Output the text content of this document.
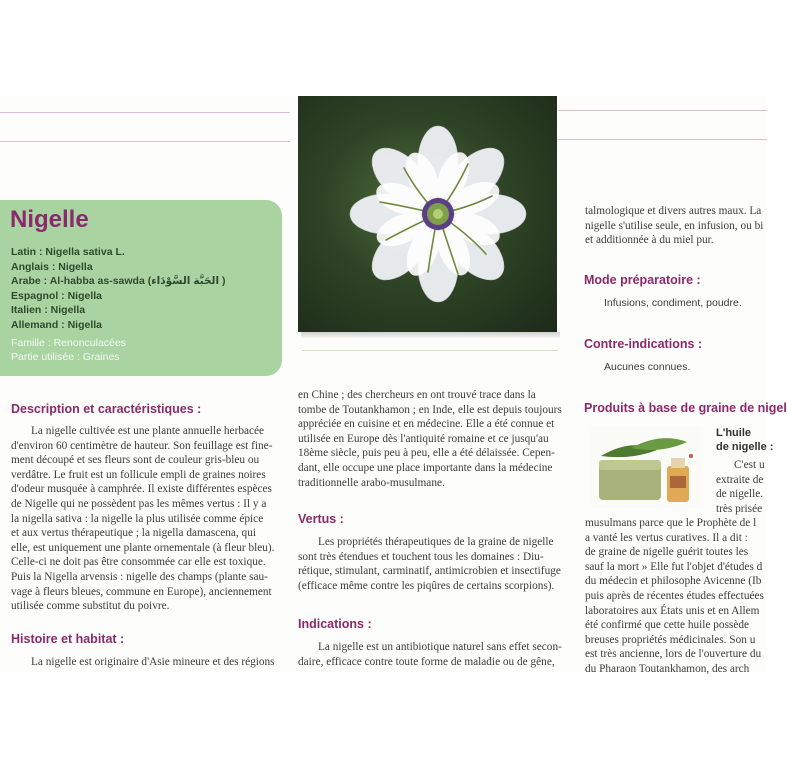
Nigelle
Latin : Nigella sativa L.
Anglais : Nigella
Arabe : Al-habba as-sawda (الحَبَّة السَّوْدَاء )
Espagnol : Nigella
Italien : Nigella
Allemand : Nigella
Famille : Renonculacées
Partie utilisée : Graines
Description et caractéristiques :
La nigelle cultivée est une plante annuelle herbacée
d'environ 60 centimètre de hauteur. Son feuillage est fine-
ment découpé et ses fleurs sont de couleur gris-bleu ou
verdâtre. Le fruit est un follicule empli de graines noires
d'odeur musquée à camphrée. Il existe différentes espèces
de Nigelle qui ne possèdent pas les mêmes vertus : Il y a
la nigella sativa : la nigelle la plus utilisée comme épice
et aux vertus thérapeutique ; la nigella damascena, qui
elle, est uniquement une plante ornementale (à fleur bleu).
Celle-ci ne doit pas être consommée car elle est toxique.
Puis la Nigella arvensis : nigelle des champs (plante sau-
vage à fleurs bleues, commune en Europe), anciennement
utilisée comme substitut du poivre.
Histoire et habitat :
La nigelle est originaire d'Asie mineure et des régions
en Chine ; des chercheurs en ont trouvé trace dans la
tombe de Toutankhamon ; en Inde, elle est depuis toujours
appréciée en cuisine et en médecine. Elle a été connue et
utilisée en Europe dès l'antiquité romaine et ce jusqu'au
18ème siècle, puis peu à peu, elle a été délaissée. Cepen-
dant, elle occupe une place importante dans la médecine
traditionnelle arabo-musulmane.
Vertus :
Les propriétés thérapeutiques de la graine de nigelle
sont très étendues et touchent tous les domaines : Diu-
rétique, stimulant, carminatif, antimicrobien et insectifuge
(efficace même contre les piqûres de certains scorpions).
Indications :
La nigelle est un antibiotique naturel sans effet secon-
daire, efficace contre toute forme de maladie ou de gêne,
talmologique et divers autres maux. La
nigelle s'utilise seule, en infusion, ou bi
et additionnée à du miel pur.
Mode préparatoire :
Infusions, condiment, poudre.
Contre-indications :
Aucunes connues.
Produits à base de graine de nigel
L'huile
de nigelle :
C'est u
extraite de
de nigelle.
très prisée
musulmans parce que le Prophète de l
a vanté les vertus curatives. Il a dit :
de graine de nigelle guérit toutes les
sauf la mort » Elle fut l'objet d'études d
du médecin et philosophe Avicenne (Ib
puis après de récentes études effectuées
laboratoires aux États unis et en Allem
été confirmé que cette huile possède
breuses propriétés médicinales. Son u
est très ancienne, lors de l'ouverture du
du Pharaon Toutankhamon, des arch
